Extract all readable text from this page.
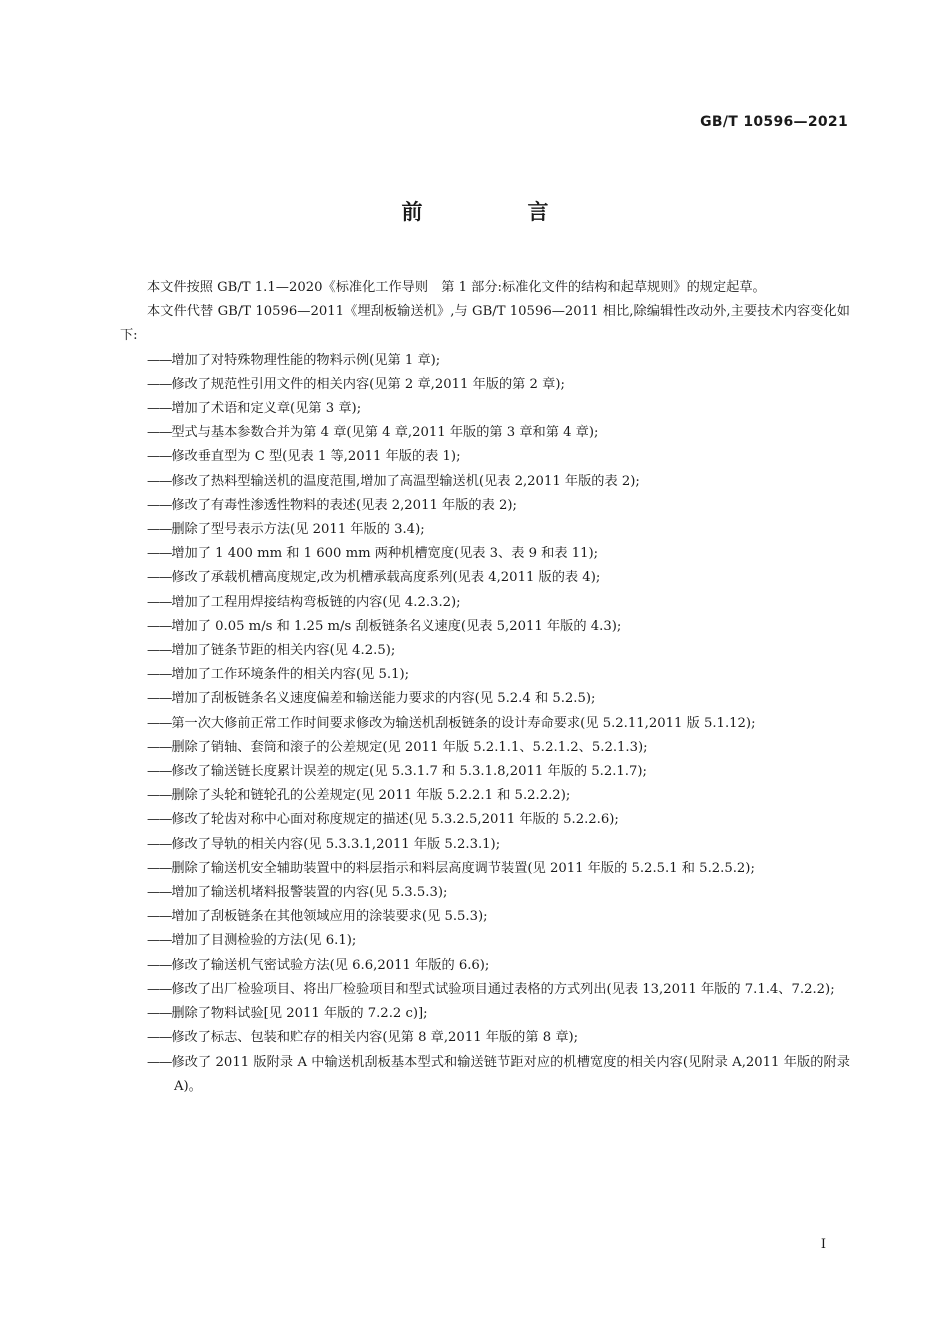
GB/T 10596—2021
前　言

本文件按照 GB/T 1.1—2020《标准化工作导则　第 1 部分:标准化文件的结构和起草规则》的规定起草。

本文件代替 GB/T 10596—2011《埋刮板输送机》,与 GB/T 10596—2011 相比,除编辑性改动外,主要技术内容变化如下:

——增加了对特殊物理性能的物料示例(见第 1 章);
——修改了规范性引用文件的相关内容(见第 2 章,2011 年版的第 2 章);
——增加了术语和定义章(见第 3 章);
——型式与基本参数合并为第 4 章(见第 4 章,2011 年版的第 3 章和第 4 章);
——修改垂直型为 C 型(见表 1 等,2011 年版的表 1);
——修改了热料型输送机的温度范围,增加了高温型输送机(见表 2,2011 年版的表 2);
——修改了有毒性渗透性物料的表述(见表 2,2011 年版的表 2);
——删除了型号表示方法(见 2011 年版的 3.4);
——增加了 1 400 mm 和 1 600 mm 两种机槽宽度(见表 3、表 9 和表 11);
——修改了承载机槽高度规定,改为机槽承载高度系列(见表 4,2011 版的表 4);
——增加了工程用焊接结构弯板链的内容(见 4.2.3.2);
——增加了 0.05 m/s 和 1.25 m/s 刮板链条名义速度(见表 5,2011 年版的 4.3);
——增加了链条节距的相关内容(见 4.2.5);
——增加了工作环境条件的相关内容(见 5.1);
——增加了刮板链条名义速度偏差和输送能力要求的内容(见 5.2.4 和 5.2.5);
——第一次大修前正常工作时间要求修改为输送机刮板链条的设计寿命要求(见 5.2.11,2011 版 5.1.12);
——删除了销轴、套筒和滚子的公差规定(见 2011 年版 5.2.1.1、5.2.1.2、5.2.1.3);
——修改了输送链长度累计误差的规定(见 5.3.1.7 和 5.3.1.8,2011 年版的 5.2.1.7);
——删除了头轮和链轮孔的公差规定(见 2011 年版 5.2.2.1 和 5.2.2.2);
——修改了轮齿对称中心面对称度规定的描述(见 5.3.2.5,2011 年版的 5.2.2.6);
——修改了导轨的相关内容(见 5.3.3.1,2011 年版 5.2.3.1);
——删除了输送机安全辅助装置中的料层指示和料层高度调节装置(见 2011 年版的 5.2.5.1 和 5.2.5.2);
——增加了输送机堵料报警装置的内容(见 5.3.5.3);
——增加了刮板链条在其他领域应用的涂装要求(见 5.5.3);
——增加了目测检验的方法(见 6.1);
——修改了输送机气密试验方法(见 6.6,2011 年版的 6.6);
——修改了出厂检验项目、将出厂检验项目和型式试验项目通过表格的方式列出(见表 13,2011 年版的 7.1.4、7.2.2);
——删除了物料试验[见 2011 年版的 7.2.2 c)];
——修改了标志、包装和贮存的相关内容(见第 8 章,2011 年版的第 8 章);
——修改了 2011 版附录 A 中输送机刮板基本型式和输送链节距对应的机槽宽度的相关内容(见附录 A,2011 年版的附录 A)。
I
